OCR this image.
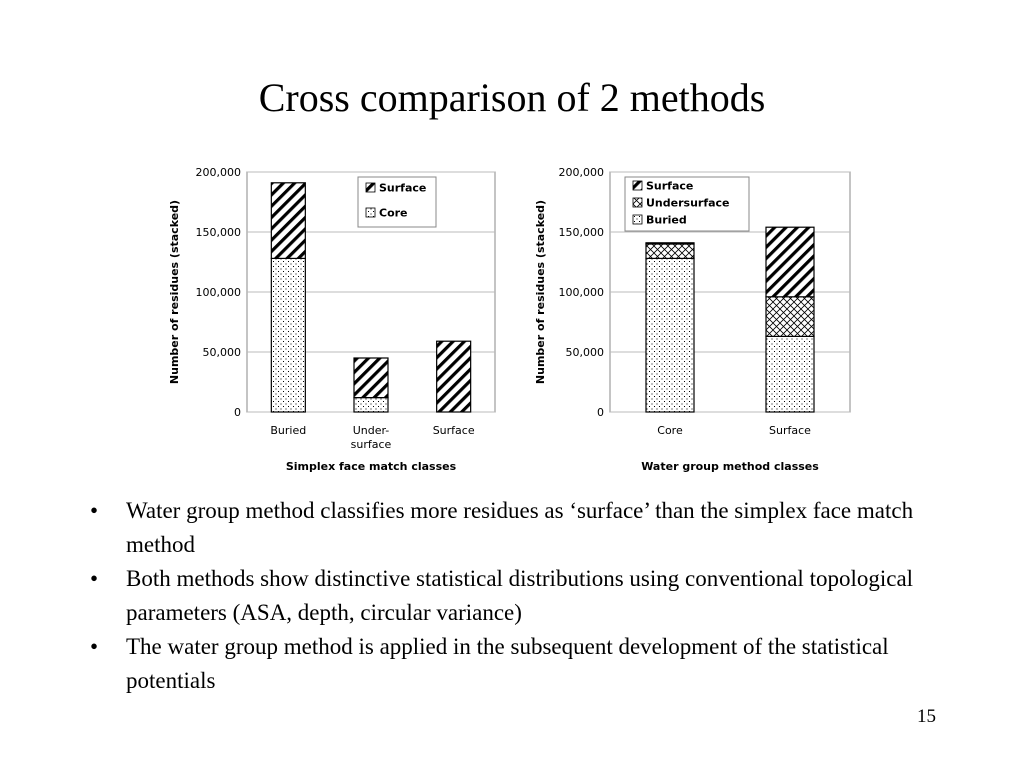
Cross comparison of 2 methods
0
50,000
100,000
150,000
200,000
Buried	Under-
surface
Surface
Simplex face match classes
Number of residues (stacked)
Surface
Core
0
50,000
100,000
150,000
200,000
Core	Surface
Water group method classes
Number of residues (stacked)
Surface
Undersurface
Buried
• Water group method classifies more residues as ‘surface’ than the simplex face match method
• Both methods show distinctive statistical distributions using conventional topological parameters (ASA, depth, circular variance)
• The water group method is applied in the subsequent development of the statistical potentials
15
